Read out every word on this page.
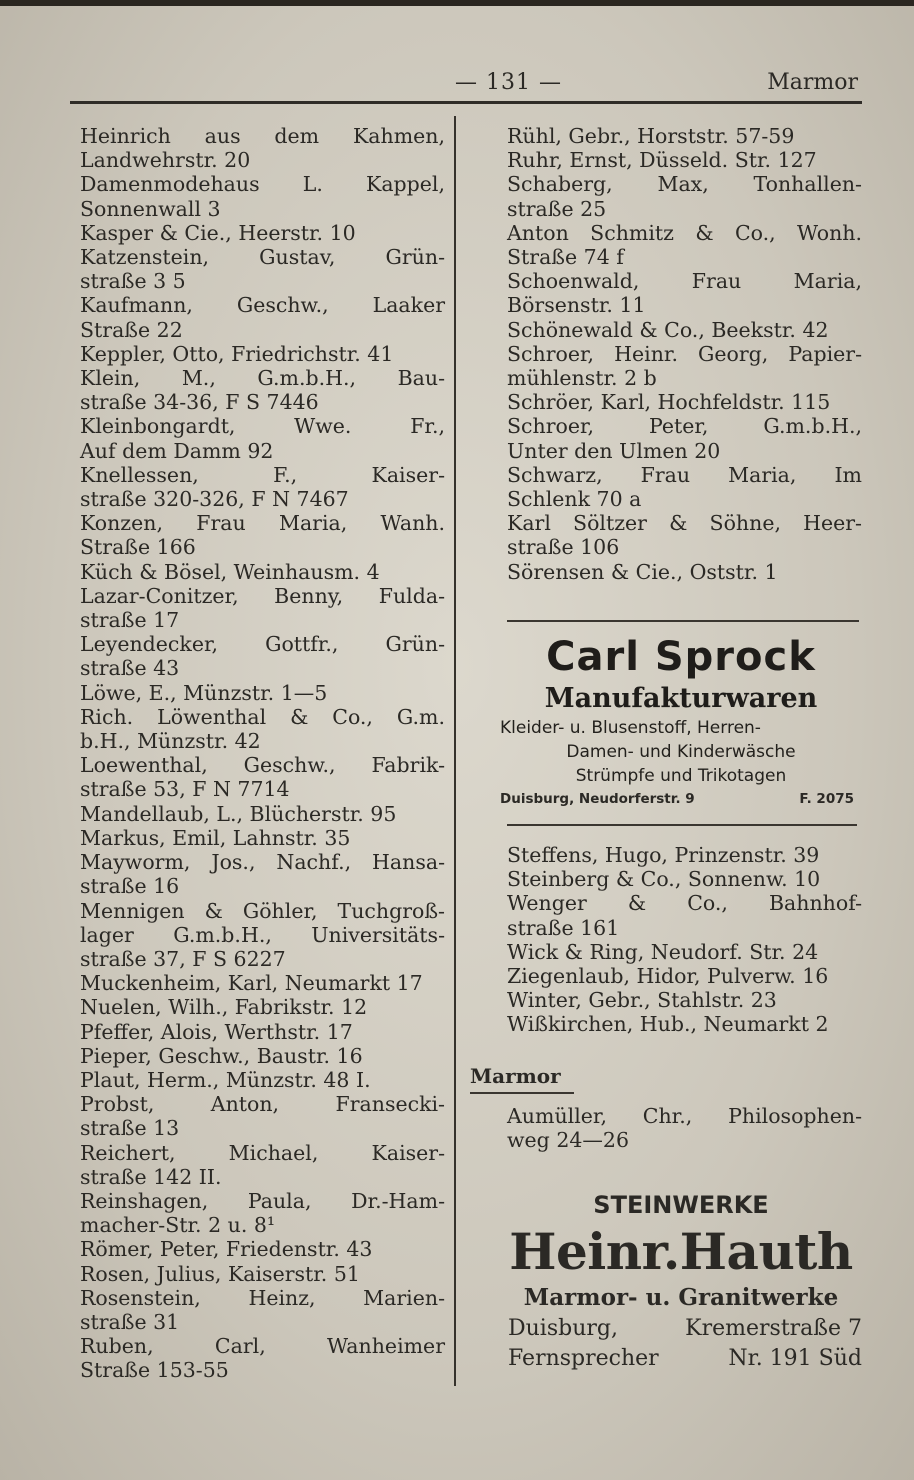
— 131 —	Marmor
Heinrich aus dem Kahmen,
Landwehrstr. 20
Damenmodehaus L. Kappel,
Sonnenwall 3
Kasper & Cie., Heerstr. 10
Katzenstein, Gustav, Grün-
straße 3 5
Kaufmann, Geschw., Laaker
Straße 22
Keppler, Otto, Friedrichstr. 41
Klein, M., G.m.b.H., Bau-
straße 34-36, F S 7446
Kleinbongardt, Wwe. Fr.,
Auf dem Damm 92
Knellessen, F., Kaiser-
straße 320-326, F N 7467
Konzen, Frau Maria, Wanh.
Straße 166
Küch & Bösel, Weinhausm. 4
Lazar-Conitzer, Benny, Fulda-
straße 17
Leyendecker, Gottfr., Grün-
straße 43
Löwe, E., Münzstr. 1—5
Rich. Löwenthal & Co., G.m.
b.H., Münzstr. 42
Loewenthal, Geschw., Fabrik-
straße 53, F N 7714
Mandellaub, L., Blücherstr. 95
Markus, Emil, Lahnstr. 35
Mayworm, Jos., Nachf., Hansa-
straße 16
Mennigen & Göhler, Tuchgroß-
lager G.m.b.H., Universitäts-
straße 37, F S 6227
Muckenheim, Karl, Neumarkt 17
Nuelen, Wilh., Fabrikstr. 12
Pfeffer, Alois, Werthstr. 17
Pieper, Geschw., Baustr. 16
Plaut, Herm., Münzstr. 48 I.
Probst, Anton, Fransecki-
straße 13
Reichert, Michael, Kaiser-
straße 142 II.
Reinshagen, Paula, Dr.-Ham-
macher-Str. 2 u. 8¹
Römer, Peter, Friedenstr. 43
Rosen, Julius, Kaiserstr. 51
Rosenstein, Heinz, Marien-
straße 31
Ruben, Carl, Wanheimer
Straße 153-55
Rühl, Gebr., Horststr. 57-59
Ruhr, Ernst, Düsseld. Str. 127
Schaberg, Max, Tonhallen-
straße 25
Anton Schmitz & Co., Wonh.
Straße 74 f
Schoenwald, Frau Maria,
Börsenstr. 11
Schönewald & Co., Beekstr. 42
Schroer, Heinr. Georg, Papier-
mühlenstr. 2 b
Schröer, Karl, Hochfeldstr. 115
Schroer, Peter, G.m.b.H.,
Unter den Ulmen 20
Schwarz, Frau Maria, Im
Schlenk 70 a
Karl Söltzer & Söhne, Heer-
straße 106
Sörensen & Cie., Oststr. 1
Carl Sprock
Manufakturwaren
Kleider- u. Blusenstoff, Herren-
Damen- und Kinderwäsche
Strümpfe und Trikotagen
Duisburg, Neudorferstr. 9	F. 2075
Steffens, Hugo, Prinzenstr. 39
Steinberg & Co., Sonnenw. 10
Wenger & Co., Bahnhof-
straße 161
Wick & Ring, Neudorf. Str. 24
Ziegenlaub, Hidor, Pulverw. 16
Winter, Gebr., Stahlstr. 23
Wißkirchen, Hub., Neumarkt 2
Marmor
Aumüller, Chr., Philosophen-
weg 24—26
STEINWERKE
Heinr.Hauth
Marmor- u. Granitwerke
Duisburg,	Kremerstraße 7
Fernsprecher	Nr. 191 Süd
